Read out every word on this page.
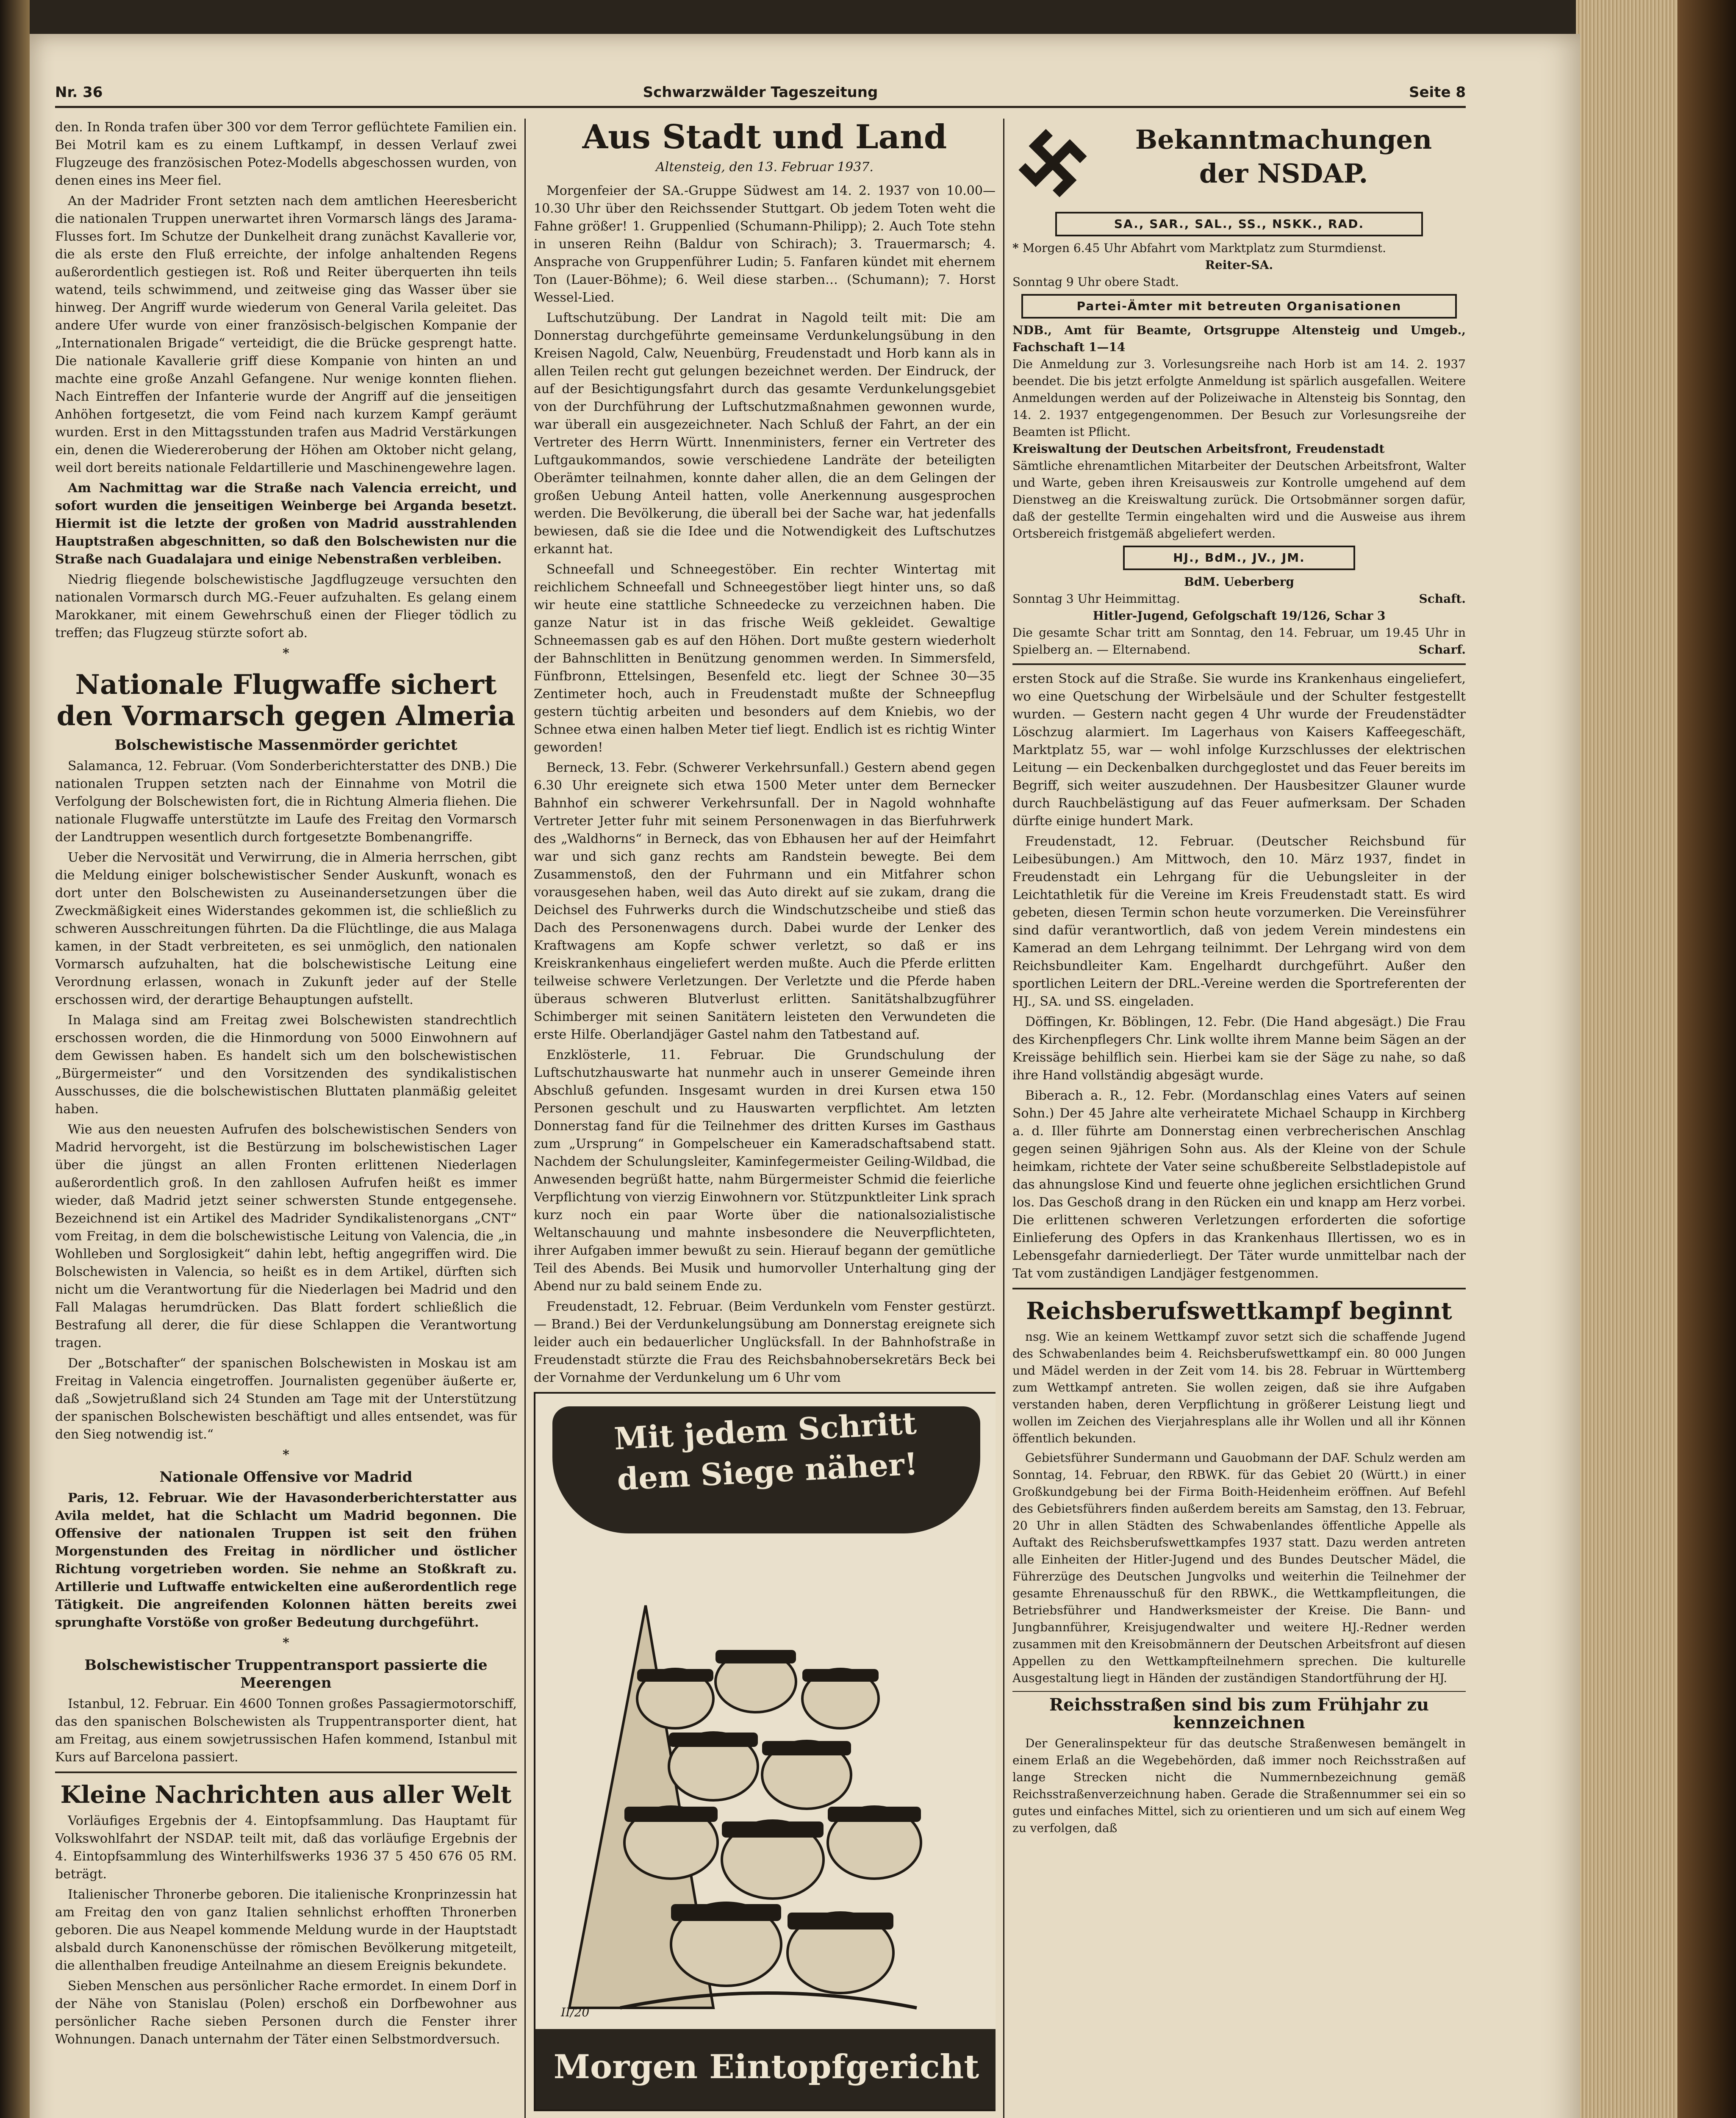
Schwarzwälder Tageszeitung
Nr. 36	Seite 8

den. In Ronda trafen über 300 vor dem Terror geflüchtete Familien ein. Bei Motril kam es zu einem Luftkampf, in dessen Verlauf zwei Flugzeuge des französischen Potez-Modells abgeschossen wurden, von denen eines ins Meer fiel.

An der Madrider Front setzten nach dem amtlichen Heeresbericht die nationalen Truppen unerwartet ihren Vormarsch längs des Jarama-Flusses fort. Im Schutze der Dunkelheit drang zunächst Kavallerie vor, die als erste den Fluß erreichte, der infolge anhaltenden Regens außerordentlich gestiegen ist. Roß und Reiter überquerten ihn teils watend, teils schwimmend, und zeitweise ging das Wasser über sie hinweg. Der Angriff wurde wiederum von General Varila geleitet. Das andere Ufer wurde von einer französisch-belgischen Kompanie der „Internationalen Brigade“ verteidigt, die die Brücke gesprengt hatte. Die nationale Kavallerie griff diese Kompanie von hinten an und machte eine große Anzahl Gefangene. Nur wenige konnten fliehen. Nach Eintreffen der Infanterie wurde der Angriff auf die jenseitigen Anhöhen fortgesetzt, die vom Feind nach kurzem Kampf geräumt wurden. Erst in den Mittagsstunden trafen aus Madrid Verstärkungen ein, denen die Wiedereroberung der Höhen am Oktober nicht gelang, weil dort bereits nationale Feldartillerie und Maschinengewehre lagen.

Am Nachmittag war die Straße nach Valencia erreicht, und sofort wurden die jenseitigen Weinberge bei Arganda besetzt. Hiermit ist die letzte der großen von Madrid ausstrahlenden Hauptstraßen abgeschnitten, so daß den Bolschewisten nur die Straße nach Guadalajara und einige Nebenstraßen verbleiben.

Niedrig fliegende bolschewistische Jagdflugzeuge versuchten den nationalen Vormarsch durch MG.-Feuer aufzuhalten. Es gelang einem Marokkaner, mit einem Gewehrschuß einen der Flieger tödlich zu treffen; das Flugzeug stürzte sofort ab.

*
Nationale Flugwaffe sichert den Vormarsch gegen Almeria
Bolschewistische Massenmörder gerichtet

Salamanca, 12. Februar. (Vom Sonderberichterstatter des DNB.) Die nationalen Truppen setzten nach der Einnahme von Motril die Verfolgung der Bolschewisten fort, die in Richtung Almeria fliehen. Die nationale Flugwaffe unterstützte im Laufe des Freitag den Vormarsch der Landtruppen wesentlich durch fortgesetzte Bombenangriffe.

Ueber die Nervosität und Verwirrung, die in Almeria herrschen, gibt die Meldung einiger bolschewistischer Sender Auskunft, wonach es dort unter den Bolschewisten zu Auseinandersetzungen über die Zweckmäßigkeit eines Widerstandes gekommen ist, die schließlich zu schweren Ausschreitungen führten. Da die Flüchtlinge, die aus Malaga kamen, in der Stadt verbreiteten, es sei unmöglich, den nationalen Vormarsch aufzuhalten, hat die bolschewistische Leitung eine Verordnung erlassen, wonach in Zukunft jeder auf der Stelle erschossen wird, der derartige Behauptungen aufstellt.

In Malaga sind am Freitag zwei Bolschewisten standrechtlich erschossen worden, die die Hinmordung von 5000 Einwohnern auf dem Gewissen haben. Es handelt sich um den bolschewistischen „Bürgermeister“ und den Vorsitzenden des syndikalistischen Ausschusses, die die bolschewistischen Bluttaten planmäßig geleitet haben.

Wie aus den neuesten Aufrufen des bolschewistischen Senders von Madrid hervorgeht, ist die Bestürzung im bolschewistischen Lager über die jüngst an allen Fronten erlittenen Niederlagen außerordentlich groß. In den zahllosen Aufrufen heißt es immer wieder, daß Madrid jetzt seiner schwersten Stunde entgegensehe. Bezeichnend ist ein Artikel des Madrider Syndikalistenorgans „CNT“ vom Freitag, in dem die bolschewistische Leitung von Valencia, die „in Wohlleben und Sorglosigkeit“ dahin lebt, heftig angegriffen wird. Die Bolschewisten in Valencia, so heißt es in dem Artikel, dürften sich nicht um die Verantwortung für die Niederlagen bei Madrid und den Fall Malagas herumdrücken. Das Blatt fordert schließlich die Bestrafung all derer, die für diese Schlappen die Verantwortung tragen.

Der „Botschafter“ der spanischen Bolschewisten in Moskau ist am Freitag in Valencia eingetroffen. Journalisten gegenüber äußerte er, daß „Sowjetrußland sich 24 Stunden am Tage mit der Unterstützung der spanischen Bolschewisten beschäftigt und alles entsendet, was für den Sieg notwendig ist.“

*
Nationale Offensive vor Madrid

Paris, 12. Februar. Wie der Havasonderberichterstatter aus Avila meldet, hat die Schlacht um Madrid begonnen. Die Offensive der nationalen Truppen ist seit den frühen Morgenstunden des Freitag in nördlicher und östlicher Richtung vorgetrieben worden. Sie nehme an Stoßkraft zu. Artillerie und Luftwaffe entwickelten eine außerordentlich rege Tätigkeit. Die angreifenden Kolonnen hätten bereits zwei sprunghafte Vorstöße von großer Bedeutung durchgeführt.

*
Bolschewistischer Truppentransport passierte die Meerengen

Istanbul, 12. Februar. Ein 4600 Tonnen großes Passagiermotorschiff, das den spanischen Bolschewisten als Truppentransporter dient, hat am Freitag, aus einem sowjetrussischen Hafen kommend, Istanbul mit Kurs auf Barcelona passiert.

Kleine Nachrichten aus aller Welt

Vorläufiges Ergebnis der 4. Eintopfsammlung. Das Hauptamt für Volkswohlfahrt der NSDAP. teilt mit, daß das vorläufige Ergebnis der 4. Eintopfsammlung des Winterhilfswerks 1936 37 5 450 676 05 RM. beträgt.

Italienischer Thronerbe geboren. Die italienische Kronprinzessin hat am Freitag den von ganz Italien sehnlichst erhofften Thronerben geboren. Die aus Neapel kommende Meldung wurde in der Hauptstadt alsbald durch Kanonenschüsse der römischen Bevölkerung mitgeteilt, die allenthalben freudige Anteilnahme an diesem Ereignis bekundete.

Sieben Menschen aus persönlicher Rache ermordet. In einem Dorf in der Nähe von Stanislau (Polen) erschoß ein Dorfbewohner aus persönlicher Rache sieben Personen durch die Fenster ihrer Wohnungen. Danach unternahm der Täter einen Selbstmordversuch.

Aus Stadt und Land
Altensteig, den 13. Februar 1937.

Morgenfeier der SA.-Gruppe Südwest am 14. 2. 1937 von 10.00—10.30 Uhr über den Reichssender Stuttgart. Ob jedem Toten weht die Fahne größer! 1. Gruppenlied (Schumann-Philipp); 2. Auch Tote stehn in unseren Reihn (Baldur von Schirach); 3. Trauermarsch; 4. Ansprache von Gruppenführer Ludin; 5. Fanfaren kündet mit ehernem Ton (Lauer-Böhme); 6. Weil diese starben… (Schumann); 7. Horst Wessel-Lied.

Luftschutzübung. Der Landrat in Nagold teilt mit: Die am Donnerstag durchgeführte gemeinsame Verdunkelungsübung in den Kreisen Nagold, Calw, Neuenbürg, Freudenstadt und Horb kann als in allen Teilen recht gut gelungen bezeichnet werden. Der Eindruck, der auf der Besichtigungsfahrt durch das gesamte Verdunkelungsgebiet von der Durchführung der Luftschutzmaßnahmen gewonnen wurde, war überall ein ausgezeichneter. Nach Schluß der Fahrt, an der ein Vertreter des Herrn Württ. Innenministers, ferner ein Vertreter des Luftgaukommandos, sowie verschiedene Landräte der beteiligten Oberämter teilnahmen, konnte daher allen, die an dem Gelingen der großen Uebung Anteil hatten, volle Anerkennung ausgesprochen werden. Die Bevölkerung, die überall bei der Sache war, hat jedenfalls bewiesen, daß sie die Idee und die Notwendigkeit des Luftschutzes erkannt hat.

Schneefall und Schneegestöber. Ein rechter Wintertag mit reichlichem Schneefall und Schneegestöber liegt hinter uns, so daß wir heute eine stattliche Schneedecke zu verzeichnen haben. Die ganze Natur ist in das frische Weiß gekleidet. Gewaltige Schneemassen gab es auf den Höhen. Dort mußte gestern wiederholt der Bahnschlitten in Benützung genommen werden. In Simmersfeld, Fünfbronn, Ettelsingen, Besenfeld etc. liegt der Schnee 30—35 Zentimeter hoch, auch in Freudenstadt mußte der Schneepflug gestern tüchtig arbeiten und besonders auf dem Kniebis, wo der Schnee etwa einen halben Meter tief liegt. Endlich ist es richtig Winter geworden!

Berneck, 13. Febr. (Schwerer Verkehrsunfall.) Gestern abend gegen 6.30 Uhr ereignete sich etwa 1500 Meter unter dem Bernecker Bahnhof ein schwerer Verkehrsunfall. Der in Nagold wohnhafte Vertreter Jetter fuhr mit seinem Personenwagen in das Bierfuhrwerk des „Waldhorns“ in Berneck, das von Ebhausen her auf der Heimfahrt war und sich ganz rechts am Randstein bewegte. Bei dem Zusammenstoß, den der Fuhrmann und ein Mitfahrer schon vorausgesehen haben, weil das Auto direkt auf sie zukam, drang die Deichsel des Fuhrwerks durch die Windschutzscheibe und stieß das Dach des Personenwagens durch. Dabei wurde der Lenker des Kraftwagens am Kopfe schwer verletzt, so daß er ins Kreiskrankenhaus eingeliefert werden mußte. Auch die Pferde erlitten teilweise schwere Verletzungen. Der Verletzte und die Pferde haben überaus schweren Blutverlust erlitten. Sanitätshalbzugführer Schimberger mit seinen Sanitätern leisteten den Verwundeten die erste Hilfe. Oberlandjäger Gastel nahm den Tatbestand auf.

Enzklösterle, 11. Februar. Die Grundschulung der Luftschutzhauswarte hat nunmehr auch in unserer Gemeinde ihren Abschluß gefunden. Insgesamt wurden in drei Kursen etwa 150 Personen geschult und zu Hauswarten verpflichtet. Am letzten Donnerstag fand für die Teilnehmer des dritten Kurses im Gasthaus zum „Ursprung“ in Gompelscheuer ein Kameradschaftsabend statt. Nachdem der Schulungsleiter, Kaminfegermeister Geiling-Wildbad, die Anwesenden begrüßt hatte, nahm Bürgermeister Schmid die feierliche Verpflichtung von vierzig Einwohnern vor. Stützpunktleiter Link sprach kurz noch ein paar Worte über die nationalsozialistische Weltanschauung und mahnte insbesondere die Neuverpflichteten, ihrer Aufgaben immer bewußt zu sein. Hierauf begann der gemütliche Teil des Abends. Bei Musik und humorvoller Unterhaltung ging der Abend nur zu bald seinem Ende zu.

Freudenstadt, 12. Februar. (Beim Verdunkeln vom Fenster gestürzt. — Brand.) Bei der Verdunkelungsübung am Donnerstag ereignete sich leider auch ein bedauerlicher Unglücksfall. In der Bahnhofstraße in Freudenstadt stürzte die Frau des Reichsbahnobersekretärs Beck bei der Vornahme der Verdunkelung um 6 Uhr vom

Mit jedem Schritt
dem Siege näher!
II/20
Morgen Eintopfgericht
Bekanntmachungen
der NSDAP.
SA., SAR., SAL., SS., NSKK., RAD.
* Morgen 6.45 Uhr Abfahrt vom Marktplatz zum Sturmdienst.
Reiter-SA.
Sonntag 9 Uhr obere Stadt.
Partei-Ämter mit betreuten Organisationen
NDB., Amt für Beamte, Ortsgruppe Altensteig und Umgeb., Fachschaft 1—14
Die Anmeldung zur 3. Vorlesungsreihe nach Horb ist am 14. 2. 1937 beendet. Die bis jetzt erfolgte Anmeldung ist spärlich ausgefallen. Weitere Anmeldungen werden auf der Polizeiwache in Altensteig bis Sonntag, den 14. 2. 1937 entgegengenommen. Der Besuch zur Vorlesungsreihe der Beamten ist Pflicht.
Kreiswaltung der Deutschen Arbeitsfront, Freudenstadt
Sämtliche ehrenamtlichen Mitarbeiter der Deutschen Arbeitsfront, Walter und Warte, geben ihren Kreisausweis zur Kontrolle umgehend auf dem Dienstweg an die Kreiswaltung zurück. Die Ortsobmänner sorgen dafür, daß der gestellte Termin eingehalten wird und die Ausweise aus ihrem Ortsbereich fristgemäß abgeliefert werden.
HJ., BdM., JV., JM.
BdM. Ueberberg
Sonntag 3 Uhr Heimmittag.	Schaft.
Hitler-Jugend, Gefolgschaft 19/126, Schar 3
Die gesamte Schar tritt am Sonntag, den 14. Februar, um 19.45 Uhr in Spielberg an. — Elternabend.	Scharf.

ersten Stock auf die Straße. Sie wurde ins Krankenhaus eingeliefert, wo eine Quetschung der Wirbelsäule und der Schulter festgestellt wurden. — Gestern nacht gegen 4 Uhr wurde der Freudenstädter Löschzug alarmiert. Im Lagerhaus von Kaisers Kaffeegeschäft, Marktplatz 55, war — wohl infolge Kurzschlusses der elektrischen Leitung — ein Deckenbalken durchgeglostet und das Feuer bereits im Begriff, sich weiter auszudehnen. Der Hausbesitzer Glauner wurde durch Rauchbelästigung auf das Feuer aufmerksam. Der Schaden dürfte einige hundert Mark.

Freudenstadt, 12. Februar. (Deutscher Reichsbund für Leibesübungen.) Am Mittwoch, den 10. März 1937, findet in Freudenstadt ein Lehrgang für die Uebungsleiter in der Leichtathletik für die Vereine im Kreis Freudenstadt statt. Es wird gebeten, diesen Termin schon heute vorzumerken. Die Vereinsführer sind dafür verantwortlich, daß von jedem Verein mindestens ein Kamerad an dem Lehrgang teilnimmt. Der Lehrgang wird von dem Reichsbundleiter Kam. Engelhardt durchgeführt. Außer den sportlichen Leitern der DRL.-Vereine werden die Sportreferenten der HJ., SA. und SS. eingeladen.

Döffingen, Kr. Böblingen, 12. Febr. (Die Hand abgesägt.) Die Frau des Kirchenpflegers Chr. Link wollte ihrem Manne beim Sägen an der Kreissäge behilflich sein. Hierbei kam sie der Säge zu nahe, so daß ihre Hand vollständig abgesägt wurde.

Biberach a. R., 12. Febr. (Mordanschlag eines Vaters auf seinen Sohn.) Der 45 Jahre alte verheiratete Michael Schaupp in Kirchberg a. d. Iller führte am Donnerstag einen verbrecherischen Anschlag gegen seinen 9jährigen Sohn aus. Als der Kleine von der Schule heimkam, richtete der Vater seine schußbereite Selbstladepistole auf das ahnungslose Kind und feuerte ohne jeglichen ersichtlichen Grund los. Das Geschoß drang in den Rücken ein und knapp am Herz vorbei. Die erlittenen schweren Verletzungen erforderten die sofortige Einlieferung des Opfers in das Krankenhaus Illertissen, wo es in Lebensgefahr darniederliegt. Der Täter wurde unmittelbar nach der Tat vom zuständigen Landjäger festgenommen.

Reichsberufswettkampf beginnt

nsg. Wie an keinem Wettkampf zuvor setzt sich die schaffende Jugend des Schwabenlandes beim 4. Reichsberufswettkampf ein. 80 000 Jungen und Mädel werden in der Zeit vom 14. bis 28. Februar in Württemberg zum Wettkampf antreten. Sie wollen zeigen, daß sie ihre Aufgaben verstanden haben, deren Verpflichtung in größerer Leistung liegt und wollen im Zeichen des Vierjahresplans alle ihr Wollen und all ihr Können öffentlich bekunden.

Gebietsführer Sundermann und Gauobmann der DAF. Schulz werden am Sonntag, 14. Februar, den RBWK. für das Gebiet 20 (Württ.) in einer Großkundgebung bei der Firma Boith-Heidenheim eröffnen. Auf Befehl des Gebietsführers finden außerdem bereits am Samstag, den 13. Februar, 20 Uhr in allen Städten des Schwabenlandes öffentliche Appelle als Auftakt des Reichsberufswettkampfes 1937 statt. Dazu werden antreten alle Einheiten der Hitler-Jugend und des Bundes Deutscher Mädel, die Führerzüge des Deutschen Jungvolks und weiterhin die Teilnehmer der gesamte Ehrenausschuß für den RBWK., die Wettkampfleitungen, die Betriebsführer und Handwerksmeister der Kreise. Die Bann- und Jungbannführer, Kreisjugendwalter und weitere HJ.-Redner werden zusammen mit den Kreisobmännern der Deutschen Arbeitsfront auf diesen Appellen zu den Wettkampfteilnehmern sprechen. Die kulturelle Ausgestaltung liegt in Händen der zuständigen Standortführung der HJ.

Reichsstraßen sind bis zum Frühjahr zu kennzeichnen

Der Generalinspekteur für das deutsche Straßenwesen bemängelt in einem Erlaß an die Wegebehörden, daß immer noch Reichsstraßen auf lange Strecken nicht die Nummernbezeichnung gemäß Reichsstraßenverzeichnung haben. Gerade die Straßennummer sei ein so gutes und einfaches Mittel, sich zu orientieren und um sich auf einem Weg zu verfolgen, daß
